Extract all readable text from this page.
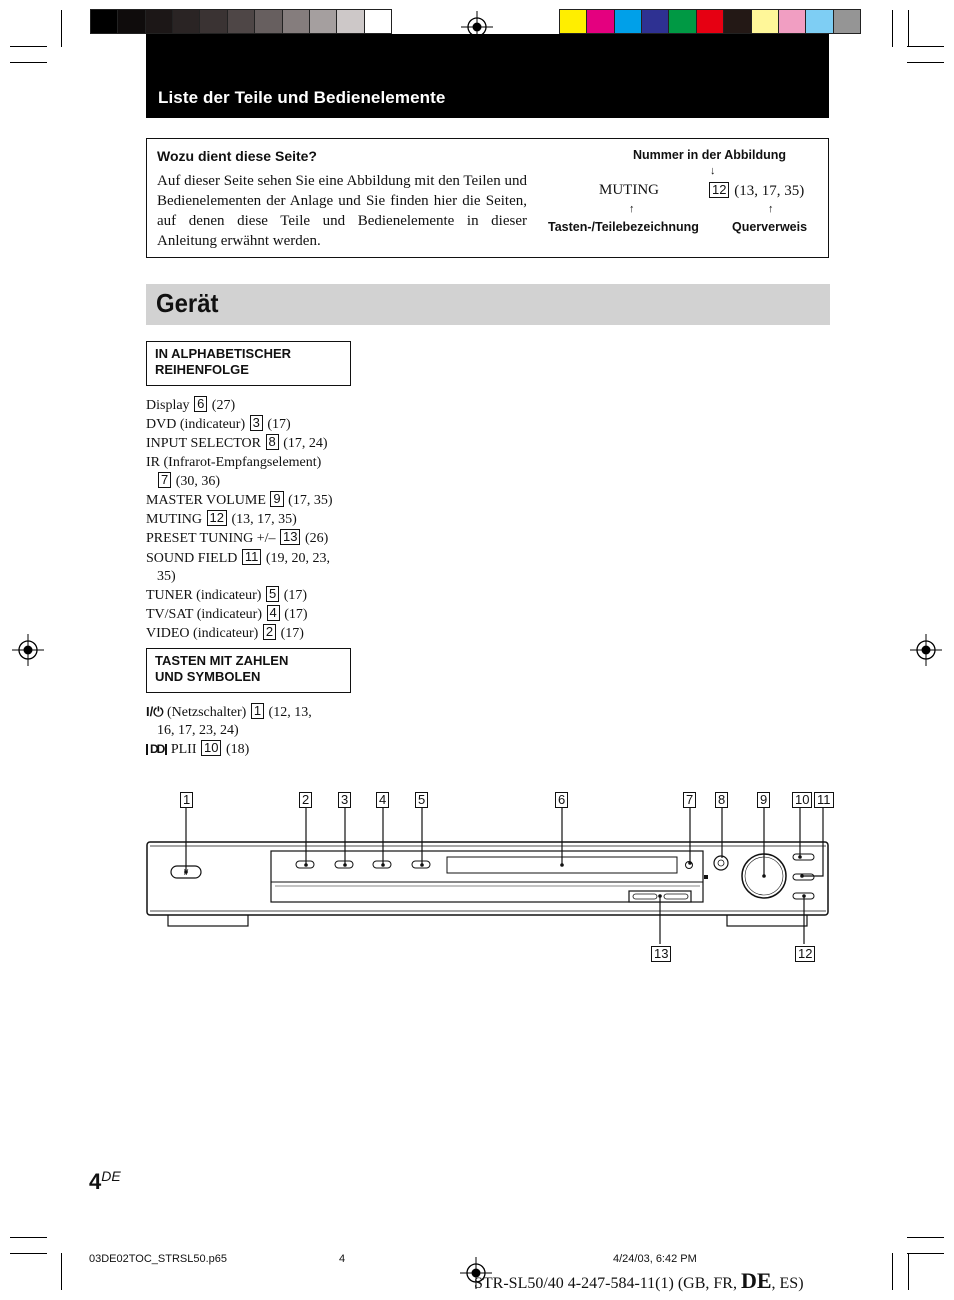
Liste der Teile und Bedienelemente
Wozu dient diese Seite?
Auf dieser Seite sehen Sie eine Abbildung mit den Teilen und Bedienelementen der Anlage und Sie finden hier die Seiten, auf denen diese Teile und Bedienelemente in dieser Anleitung erwähnt werden.
Nummer in der Abbildung
↓
MUTING	12 (13, 17, 35)
↑	↑
Tasten-/Teilebezeichnung	Querverweis
Gerät
IN ALPHABETISCHER
REIHENFOLGE
Display 6 (27)
DVD (indicateur) 3 (17)
INPUT SELECTOR 8 (17, 24)
IR (Infrarot-Empfangselement)
7 (30, 36)
MASTER VOLUME 9 (17, 35)
MUTING 12 (13, 17, 35)
PRESET TUNING +/– 13 (26)
SOUND FIELD 11 (19, 20, 23,
35)
TUNER (indicateur) 5 (17)
TV/SAT (indicateur) 4 (17)
VIDEO (indicateur) 2 (17)
TASTEN MIT ZAHLEN
UND SYMBOLEN
I/⏻ (Netzschalter) 1 (12, 13,
16, 17, 23, 24)
DD PLII 10 (18)
1	2 3 4 5	6	7 8	9 10 11
13	12
4DE
03DE02TOC_STRSL50.p65	4	4/24/03, 6:42 PM
STR-SL50/40 4-247-584-11(1) (GB, FR, DE, ES)
